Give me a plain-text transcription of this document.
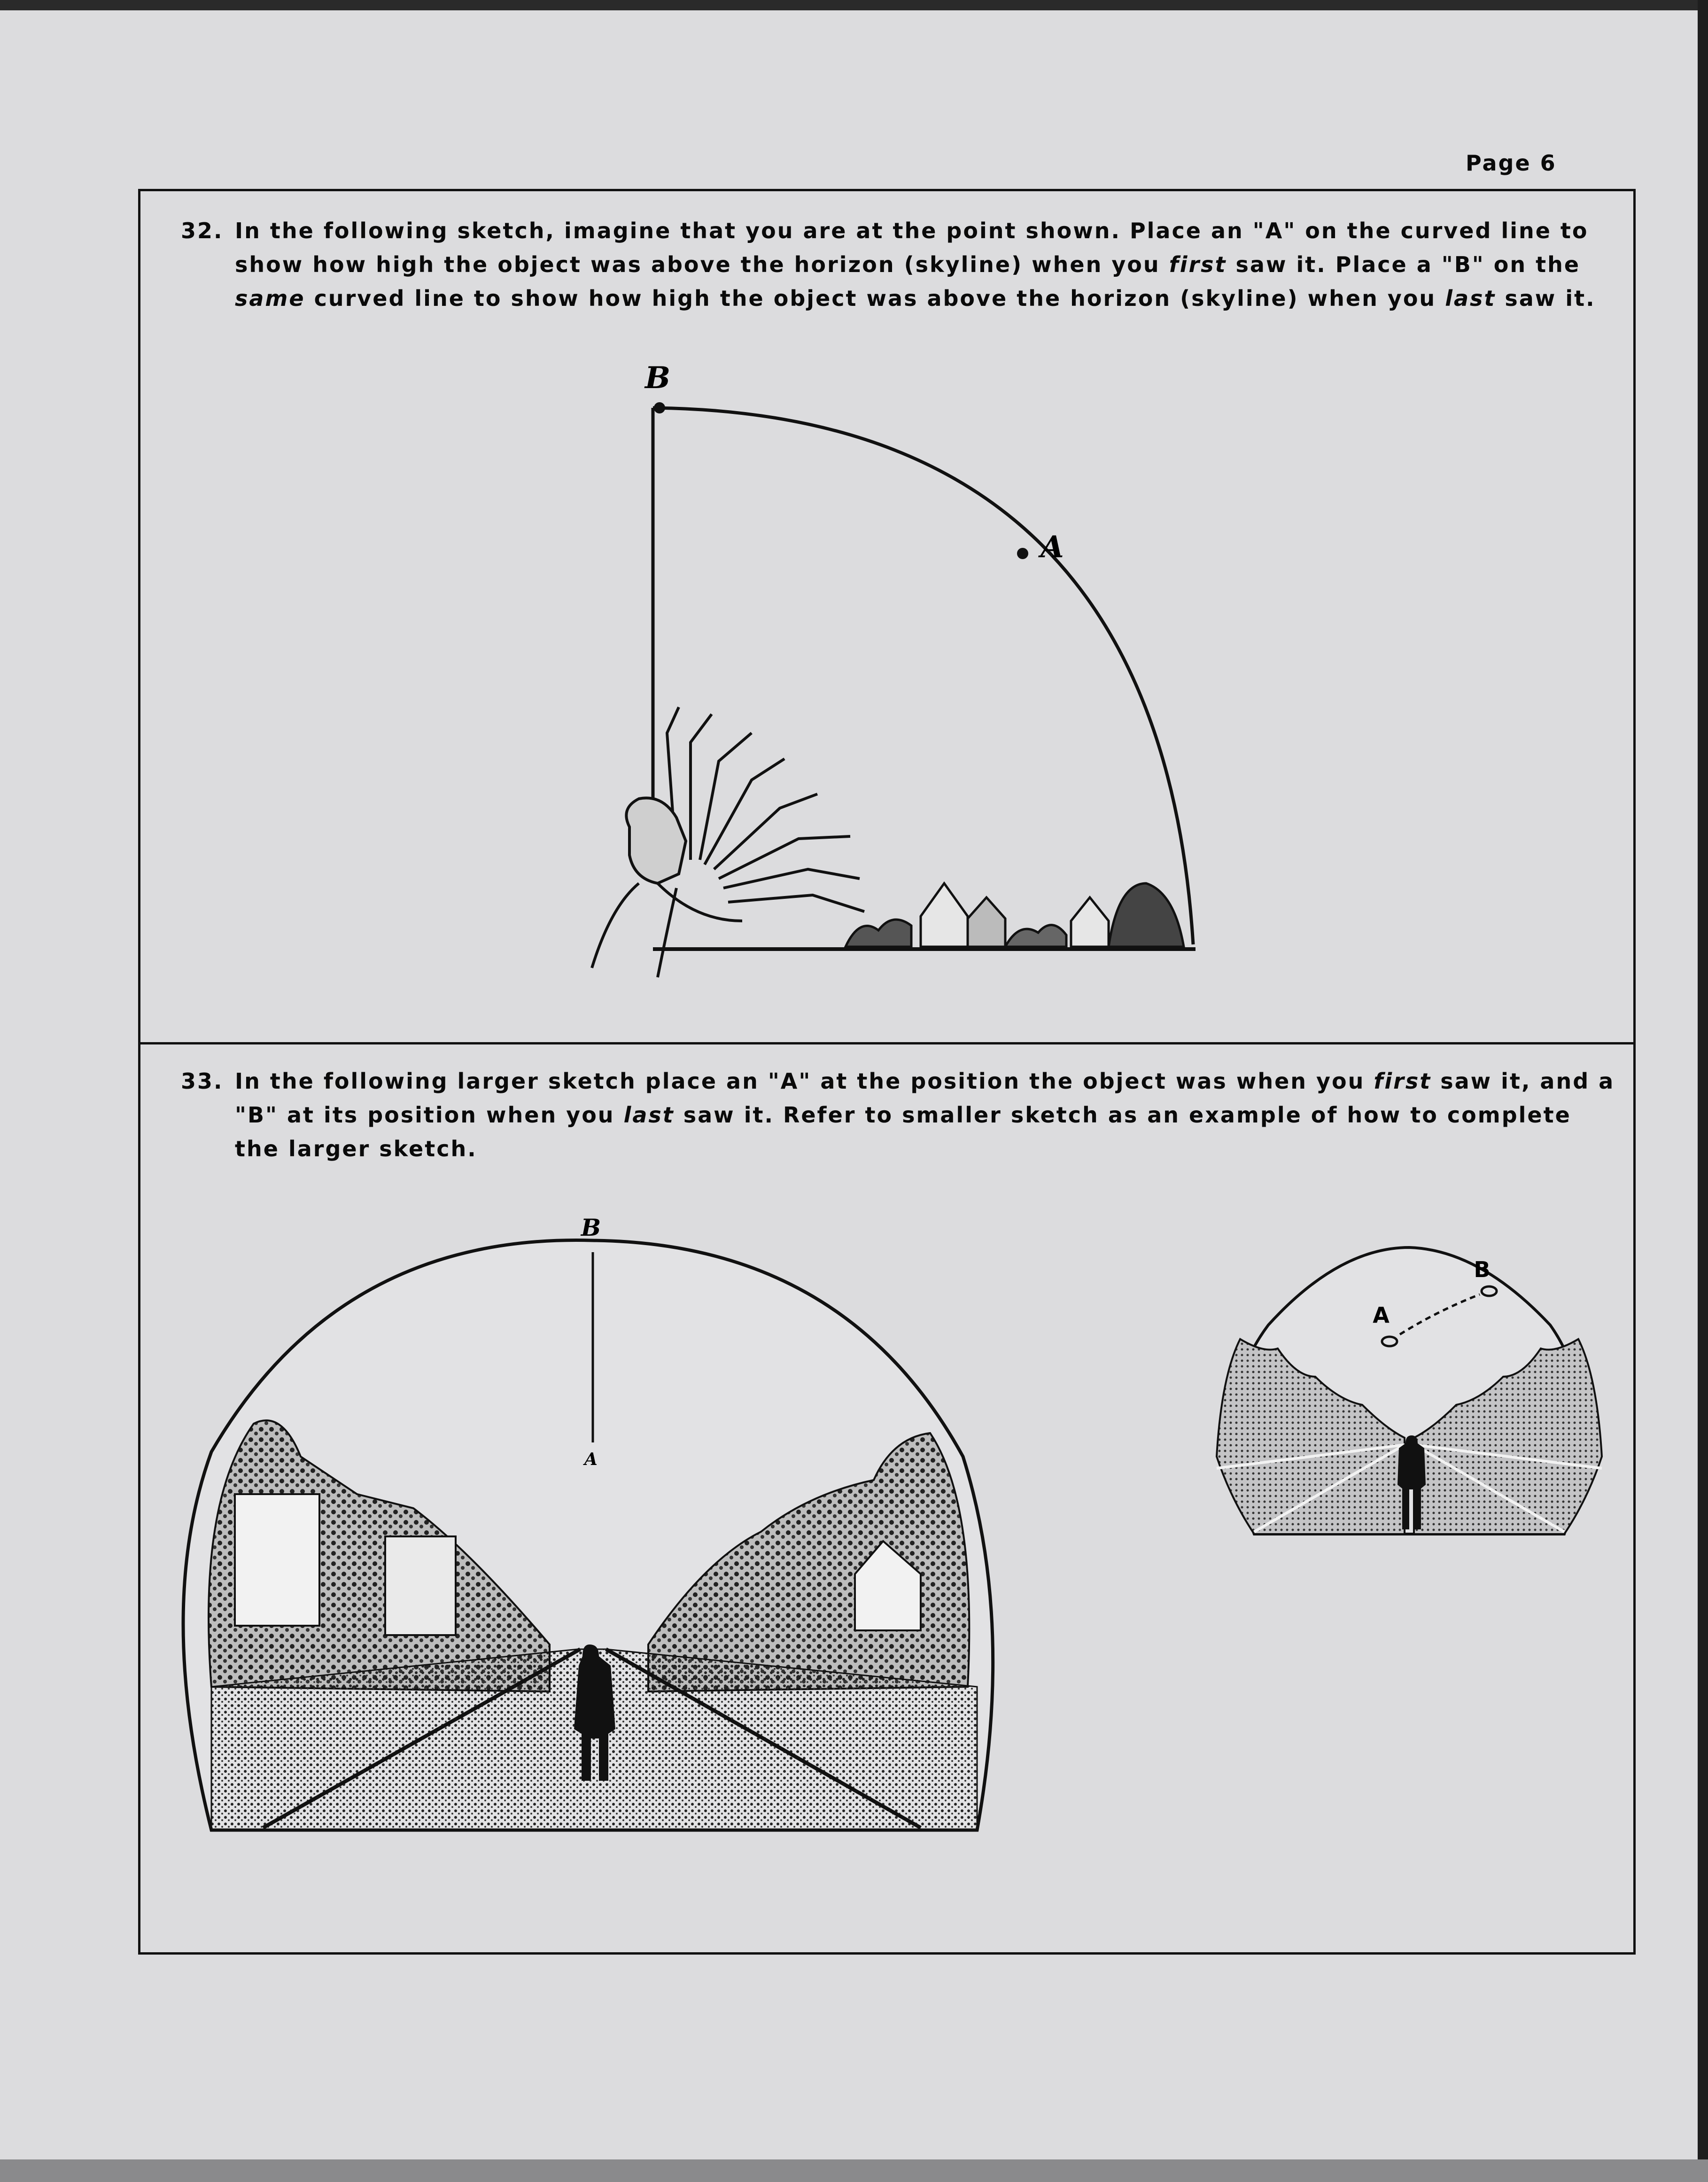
Page 6
32. In the following sketch, imagine that you are at the point shown. Place an "A" on the curved line to show how high the object was above the horizon (skyline) when you first saw it. Place a "B" on the same curved line to show how high the object was above the horizon (skyline) when you last saw it.
B
A
33. In the following larger sketch place an "A" at the position the object was when you first saw it, and a "B" at its position when you last saw it. Refer to smaller sketch as an example of how to complete the larger sketch.
B
A
A
B
